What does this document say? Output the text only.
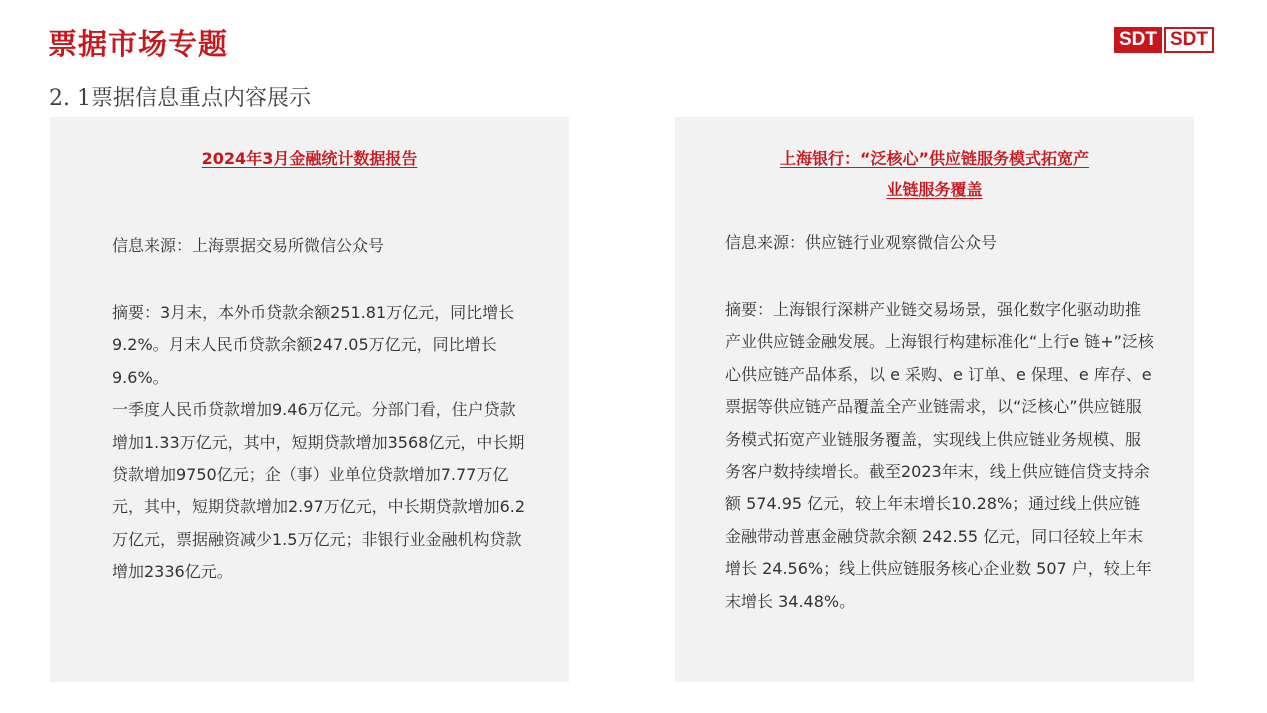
票据市场专题	SDT SDT
2. 1票据信息重点内容展示
2024年3月金融统计数据报告
信息来源：上海票据交易所微信公众号

摘要：3月末，本外币贷款余额251.81万亿元，同比增长9.2%。月末人民币贷款余额247.05万亿元，同比增长9.6%。

一季度人民币贷款增加9.46万亿元。分部门看，住户贷款增加1.33万亿元，其中，短期贷款增加3568亿元，中长期贷款增加9750亿元；企（事）业单位贷款增加7.77万亿元，其中，短期贷款增加2.97万亿元，中长期贷款增加6.2万亿元，票据融资减少1.5万亿元；非银行业金融机构贷款增加2336亿元。

上海银行：“泛核心”供应链服务模式拓宽产
业链服务覆盖
信息来源：供应链行业观察微信公众号

摘要：上海银行深耕产业链交易场景，强化数字化驱动助推产业供应链金融发展。上海银行构建标准化“上行e 链+”泛核心供应链产品体系，以 e 采购、e 订单、e 保理、e 库存、e 票据等供应链产品覆盖全产业链需求，以“泛核心”供应链服务模式拓宽产业链服务覆盖，实现线上供应链业务规模、服务客户数持续增长。截至2023年末，线上供应链信贷支持余额 574.95 亿元，较上年末增长10.28%；通过线上供应链金融带动普惠金融贷款余额 242.55 亿元，同口径较上年末增长 24.56%；线上供应链服务核心企业数 507 户，较上年末增长 34.48%。
